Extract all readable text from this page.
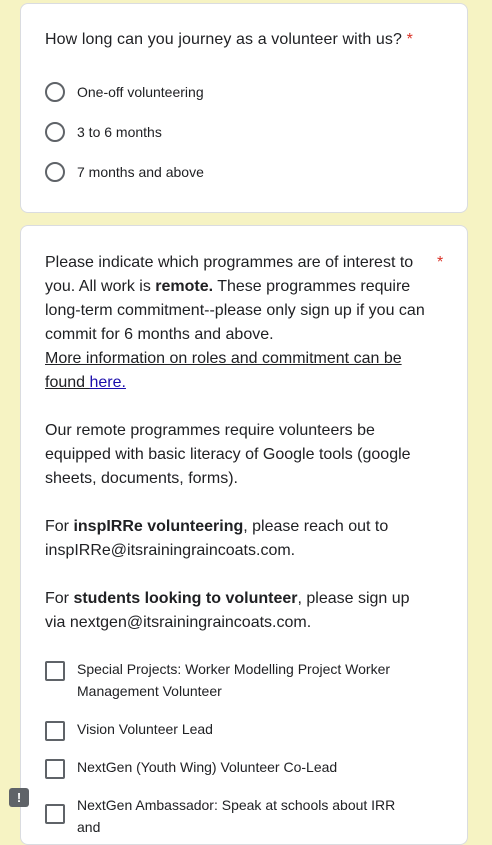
How long can you journey as a volunteer with us? *
One-off volunteering
3 to 6 months
7 months and above

Please indicate which programmes are of interest to you. All work is remote. These programmes require long-term commitment--please only sign up if you can commit for 6 months and above.

More information on roles and commitment can be found here.

Our remote programmes require volunteers be equipped with basic literacy of Google tools (google sheets, documents, forms).

For inspIRRe volunteering, please reach out to inspIRRe@itsrainingraincoats.com.

For students looking to volunteer, please sign up via nextgen@itsrainingraincoats.com.

*
Special Projects: Worker Modelling Project Worker Management Volunteer
Vision Volunteer Lead
NextGen (Youth Wing) Volunteer Co-Lead
NextGen Ambassador: Speak at schools about IRR and
!
